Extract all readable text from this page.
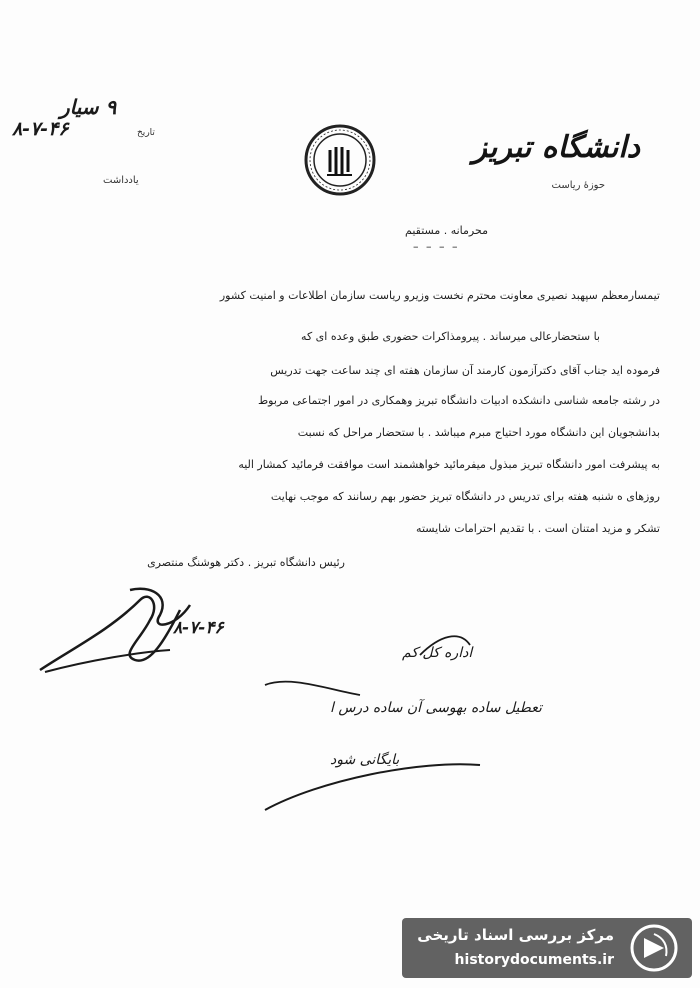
دانشگاه تبریز
حوزهٔ ریاست
۹ سیار
تاریخ
۸-۷-۴۶
یادداشت
محرمانه . مستقیم
– – – –
تیمسارمعظم سپهبد نصیری معاونت محترم نخست وزیرو ریاست سازمان اطلاعات و امنیت کشور
با ستحضارعالی میرساند . پیرومذاکرات حضوری طبق وعده ای که
فرموده اید جناب آقای دکترآزمون کارمند آن سازمان هفته ای چند ساعت جهت تدریس
در رشته جامعه شناسی دانشکده ادبیات دانشگاه تبریز وهمکاری در امور اجتماعی مربوط
بدانشجویان این دانشگاه مورد احتیاج مبرم میباشد . با ستحضار مراحل که نسبت
به پیشرفت امور دانشگاه تبریز مبذول میفرمائید خواهشمند است موافقت فرمائید کمشار الیه
روزهای ه شنبه هفته برای تدریس در دانشگاه تبریز حضور بهم رسانند که موجب نهایت
تشکر و مزید امتنان است . با تقدیم احترامات شایسته
رئیس دانشگاه تبریز . دکتر هوشنگ منتصری
۸-۷-۴۶
اداره کل کم
تعطیل ساده بهوسی آن ساده درس ا
بایگانی شود
مرکز بررسی اسناد تاریخی
historydocuments.ir
